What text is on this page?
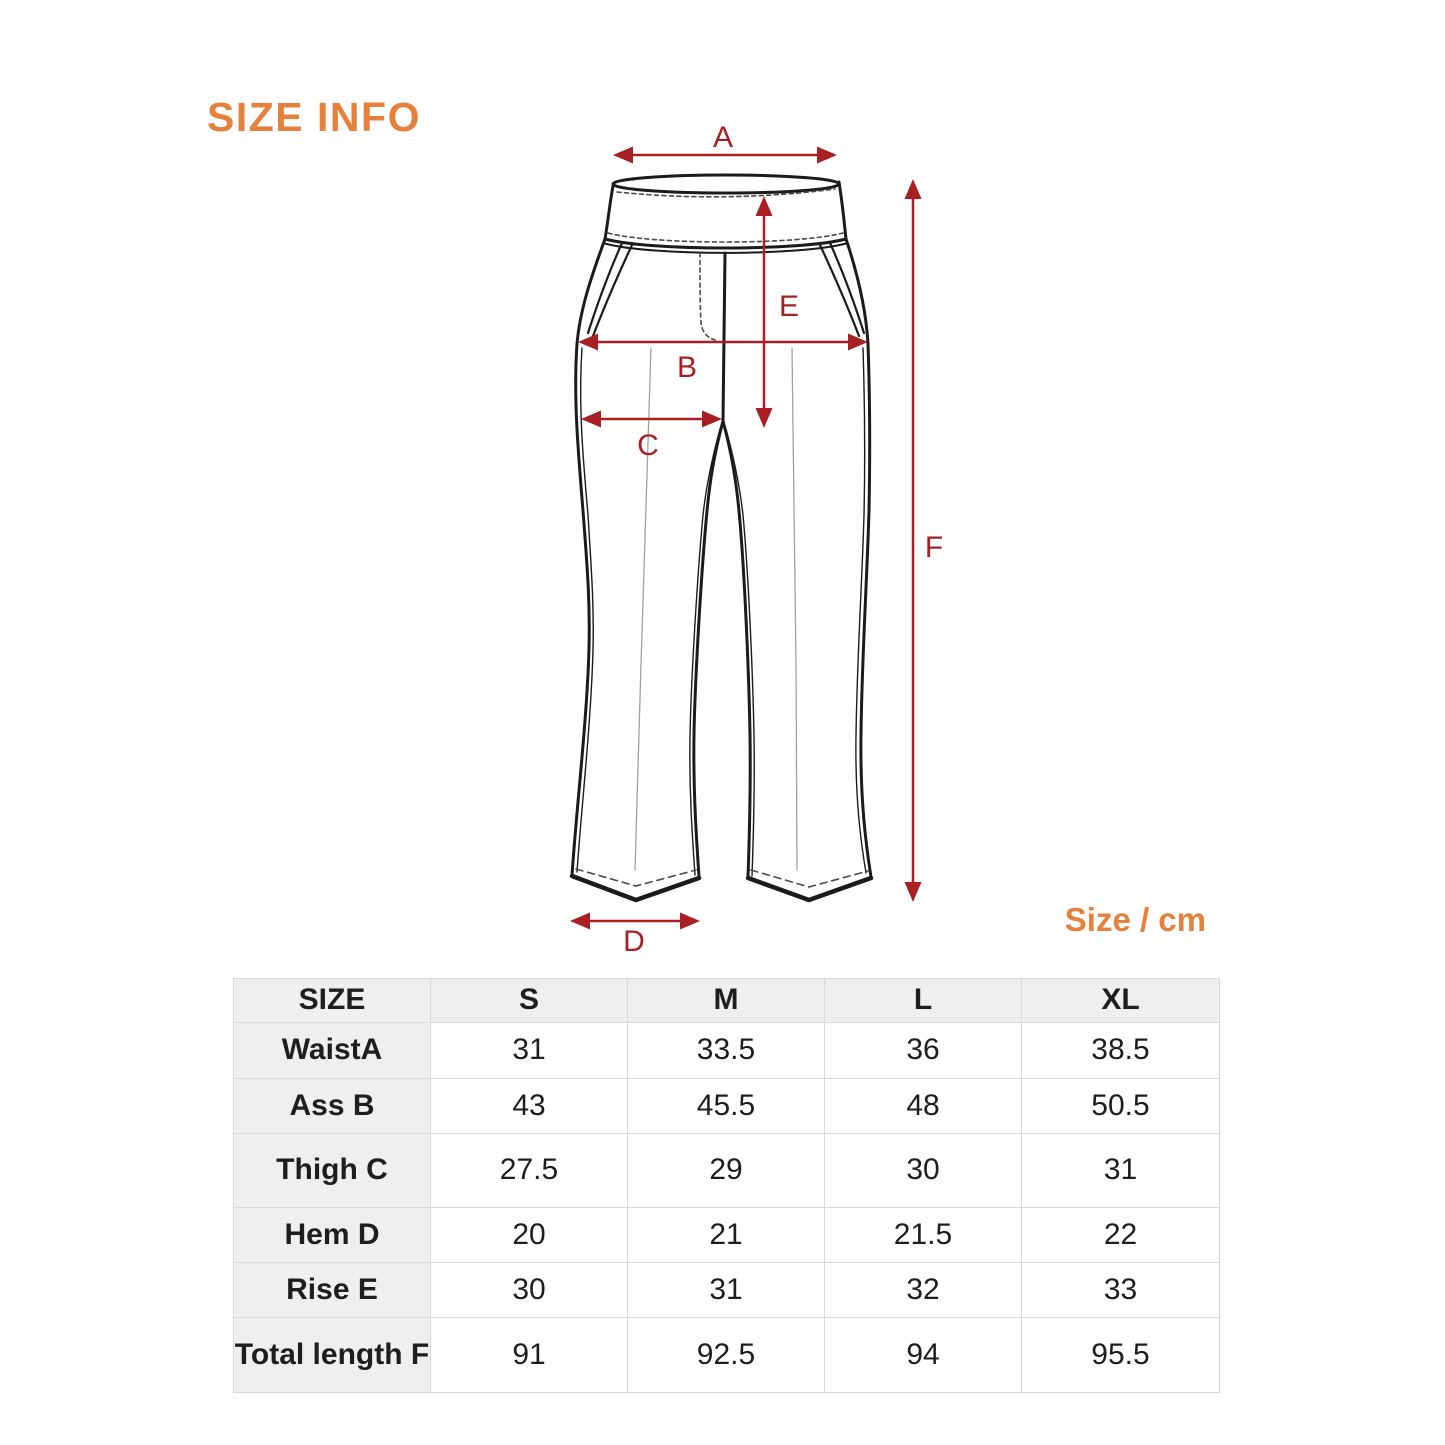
SIZE INFO	A
B
C
D
E
F
Size / cm
SIZE	S	M	L	XL
WaistA	31	33.5	36	38.5
Ass B	43	45.5	48	50.5
Thigh C	27.5	29	30	31
Hem D	20	21	21.5	22
Rise E	30	31	32	33
Total length F	91	92.5	94	95.5
